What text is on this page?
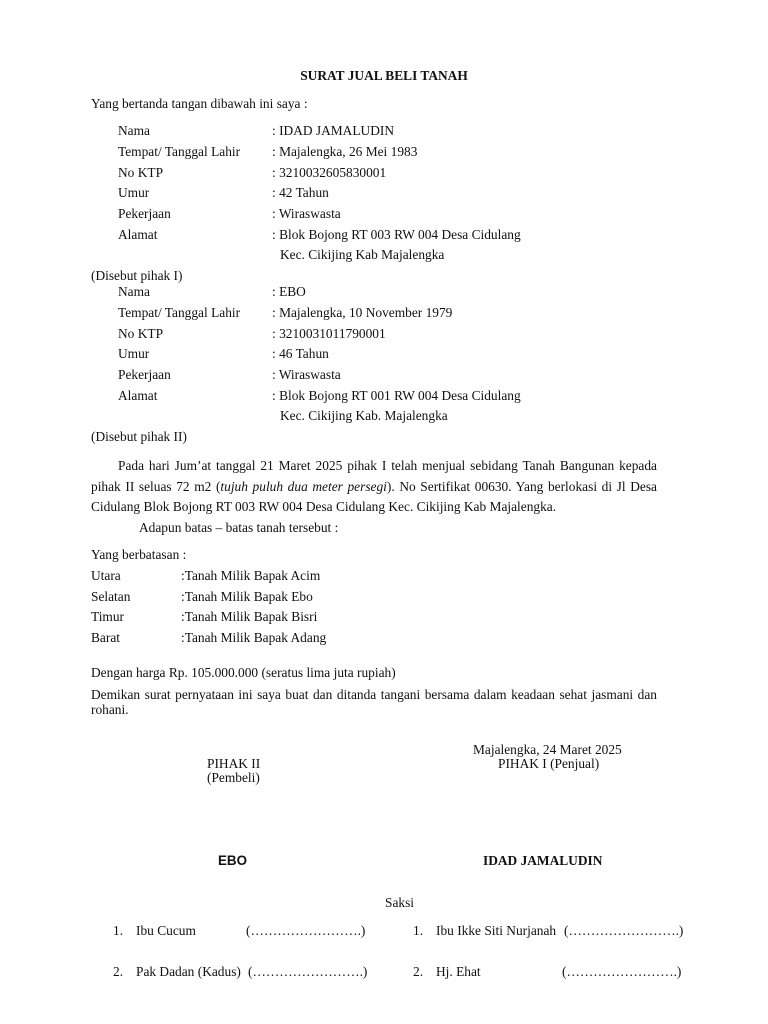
SURAT JUAL BELI TANAH
Yang bertanda tangan dibawah ini saya :
Nama	: IDAD JAMALUDIN
Tempat/ Tanggal Lahir : Majalengka, 26 Mei 1983
No KTP	: 3210032605830001
Umur	: 42 Tahun
Pekerjaan	: Wiraswasta
Alamat	: Blok Bojong RT 003 RW 004 Desa Cidulang
Kec. Cikijing Kab Majalengka
(Disebut pihak I)
Nama	: EBO
Tempat/ Tanggal Lahir : Majalengka, 10 November 1979
No KTP	: 3210031011790001
Umur	: 46 Tahun
Pekerjaan	: Wiraswasta
Alamat	: Blok Bojong RT 001 RW 004 Desa Cidulang
Kec. Cikijing Kab. Majalengka
(Disebut pihak II)
Pada hari Jum’at tanggal 21 Maret 2025 pihak I telah menjual sebidang Tanah Bangunan kepada pihak II seluas 72 m2 (tujuh puluh dua meter persegi). No Sertifikat 00630. Yang berlokasi di Jl Desa Cidulang Blok Bojong RT 003 RW 004 Desa Cidulang Kec. Cikijing Kab Majalengka.
Adapun batas – batas tanah tersebut :
Yang berbatasan :
Utara	:Tanah Milik Bapak Acim
Selatan	:Tanah Milik Bapak Ebo
Timur	:Tanah Milik Bapak Bisri
Barat	:Tanah Milik Bapak Adang
Dengan harga Rp. 105.000.000 (seratus lima juta rupiah)
Demikan surat pernyataan ini saya buat dan ditanda tangani bersama dalam keadaan sehat jasmani dan rohani.
Majalengka, 24 Maret 2025
PIHAK II
(Pembeli)
PIHAK I (Penjual)
EBO	IDAD JAMALUDIN
Saksi
1. Ibu Cucum	(…………………….)	1. Ibu Ikke Siti Nurjanah (…………………….)
2. Pak Dadan (Kadus) (…………………….)	2. Hj. Ehat	(…………………….)
